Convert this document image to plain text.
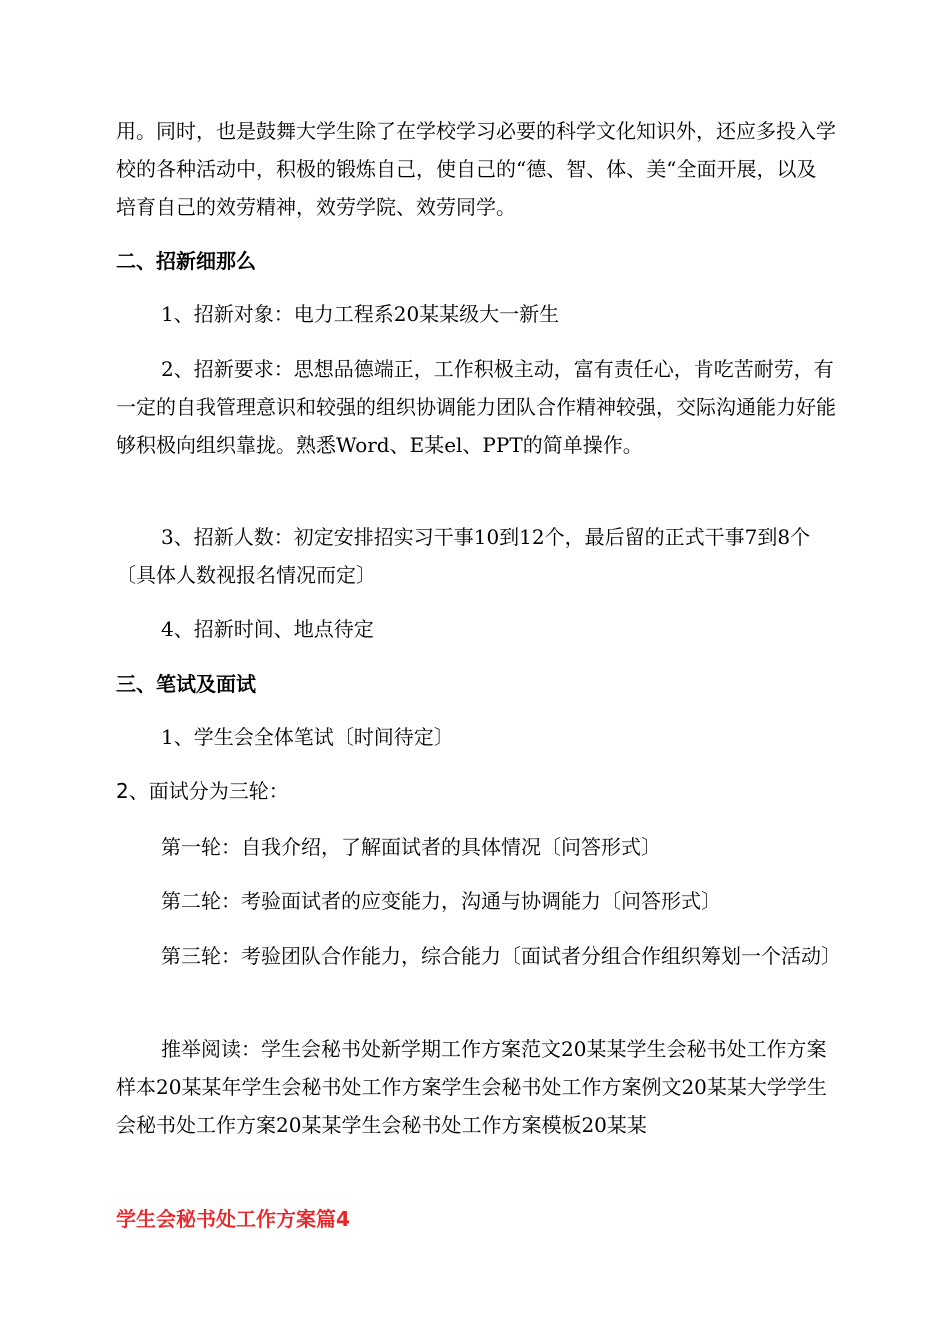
用。同时，也是鼓舞大学生除了在学校学习必要的科学文化知识外，还应多投入学校的各种活动中，积极的锻炼自己，使自己的“德、智、体、美“全面开展，以及培育自己的效劳精神，效劳学院、效劳同学。

二、招新细那么

1、招新对象：电力工程系20某某级大一新生

2、招新要求：思想品德端正，工作积极主动，富有责任心，肯吃苦耐劳，有一定的自我管理意识和较强的组织协调能力团队合作精神较强，交际沟通能力好能够积极向组织靠拢。熟悉Word、E某el、PPT的简单操作。

3、招新人数：初定安排招实习干事10到12个，最后留的正式干事7到8个〔具体人数视报名情况而定〕

4、招新时间、地点待定

三、笔试及面试

1、学生会全体笔试〔时间待定〕

2、面试分为三轮：

第一轮：自我介绍，了解面试者的具体情况〔问答形式〕

第二轮：考验面试者的应变能力，沟通与协调能力〔问答形式〕

第三轮：考验团队合作能力，综合能力〔面试者分组合作组织筹划一个活动〕

推举阅读：学生会秘书处新学期工作方案范文20某某学生会秘书处工作方案样本20某某年学生会秘书处工作方案学生会秘书处工作方案例文20某某大学学生会秘书处工作方案20某某学生会秘书处工作方案模板20某某

学生会秘书处工作方案篇4
